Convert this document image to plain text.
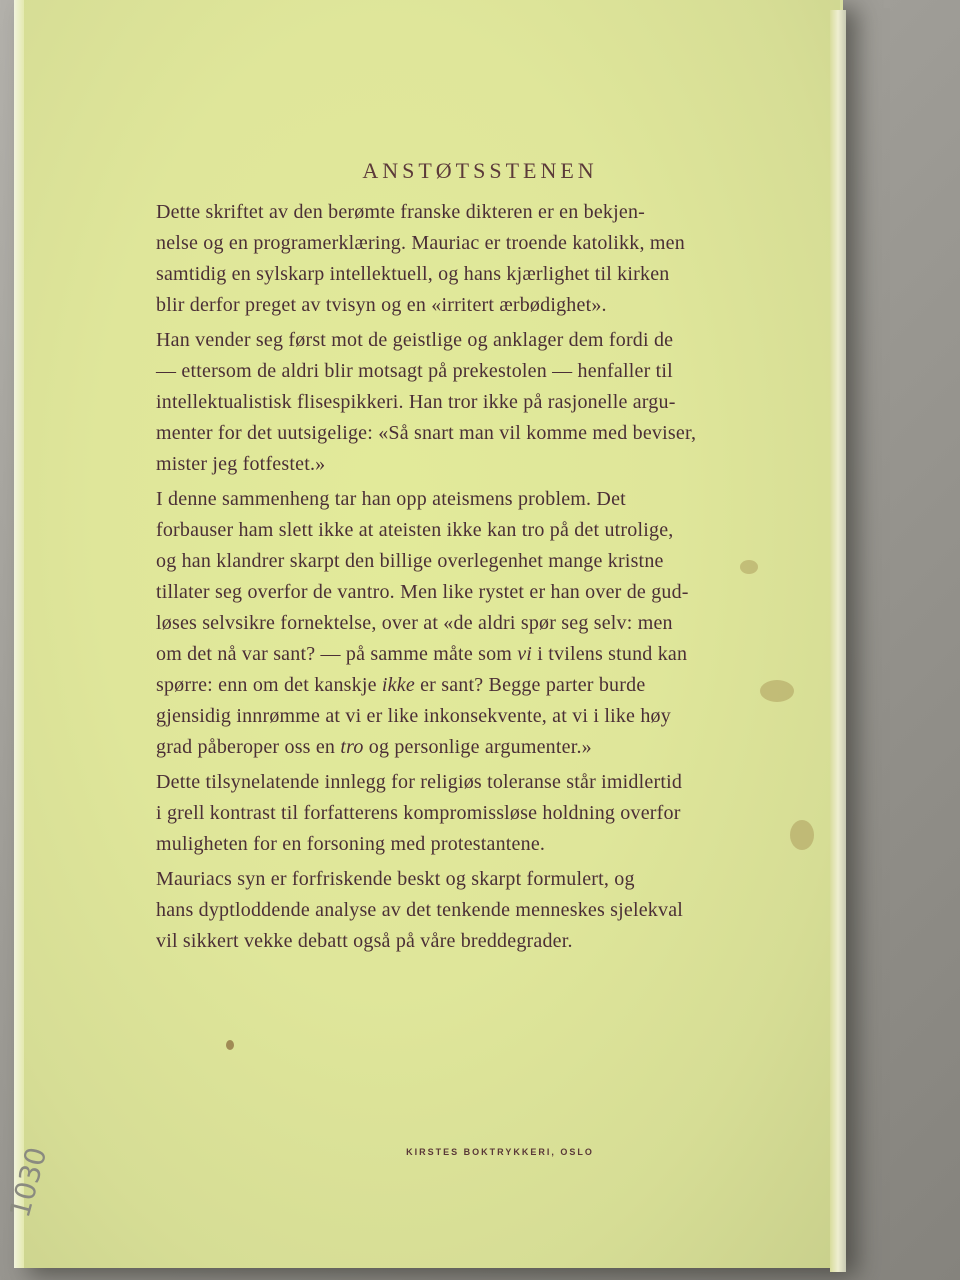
ANSTØTSSTENEN

Dette skriftet av den berømte franske dikteren er en bekjen-
nelse og en programerklæring. Mauriac er troende katolikk, men
samtidig en sylskarp intellektuell, og hans kjærlighet til kirken
blir derfor preget av tvisyn og en «irritert ærbødighet».

Han vender seg først mot de geistlige og anklager dem fordi de
— ettersom de aldri blir motsagt på prekestolen — henfaller til
intellektualistisk flisespikkeri. Han tror ikke på rasjonelle argu-
menter for det uutsigelige: «Så snart man vil komme med beviser,
mister jeg fotfestet.»

I denne sammenheng tar han opp ateismens problem. Det
forbauser ham slett ikke at ateisten ikke kan tro på det utrolige,
og han klandrer skarpt den billige overlegenhet mange kristne
tillater seg overfor de vantro. Men like rystet er han over de gud-
løses selvsikre fornektelse, over at «de aldri spør seg selv: men
om det nå var sant? — på samme måte som vi i tvilens stund kan
spørre: enn om det kanskje ikke er sant? Begge parter burde
gjensidig innrømme at vi er like inkonsekvente, at vi i like høy
grad påberoper oss en tro og personlige argumenter.»

Dette tilsynelatende innlegg for religiøs toleranse står imidlertid
i grell kontrast til forfatterens kompromissløse holdning overfor
muligheten for en forsoning med protestantene.

Mauriacs syn er forfriskende beskt og skarpt formulert, og
hans dyptloddende analyse av det tenkende menneskes sjelekval
vil sikkert vekke debatt også på våre breddegrader.

KIRSTES BOKTRYKKERI, OSLO
1030
